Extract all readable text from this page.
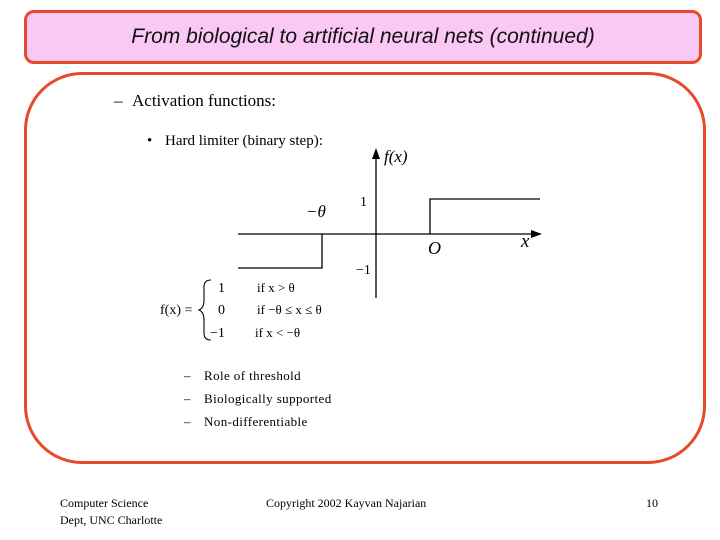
From biological to artificial neural nets (continued)
– Activation functions:
• Hard limiter (binary step):
f(x)
x
O
−θ 1
−1
f(x) =
1 if x > θ
0 if −θ ≤ x ≤ θ
−1 if x < −θ
– Role of threshold
– Biologically supported
– Non-differentiable
Computer Science
Dept, UNC Charlotte
Copyright 2002 Kayvan Najarian	10
